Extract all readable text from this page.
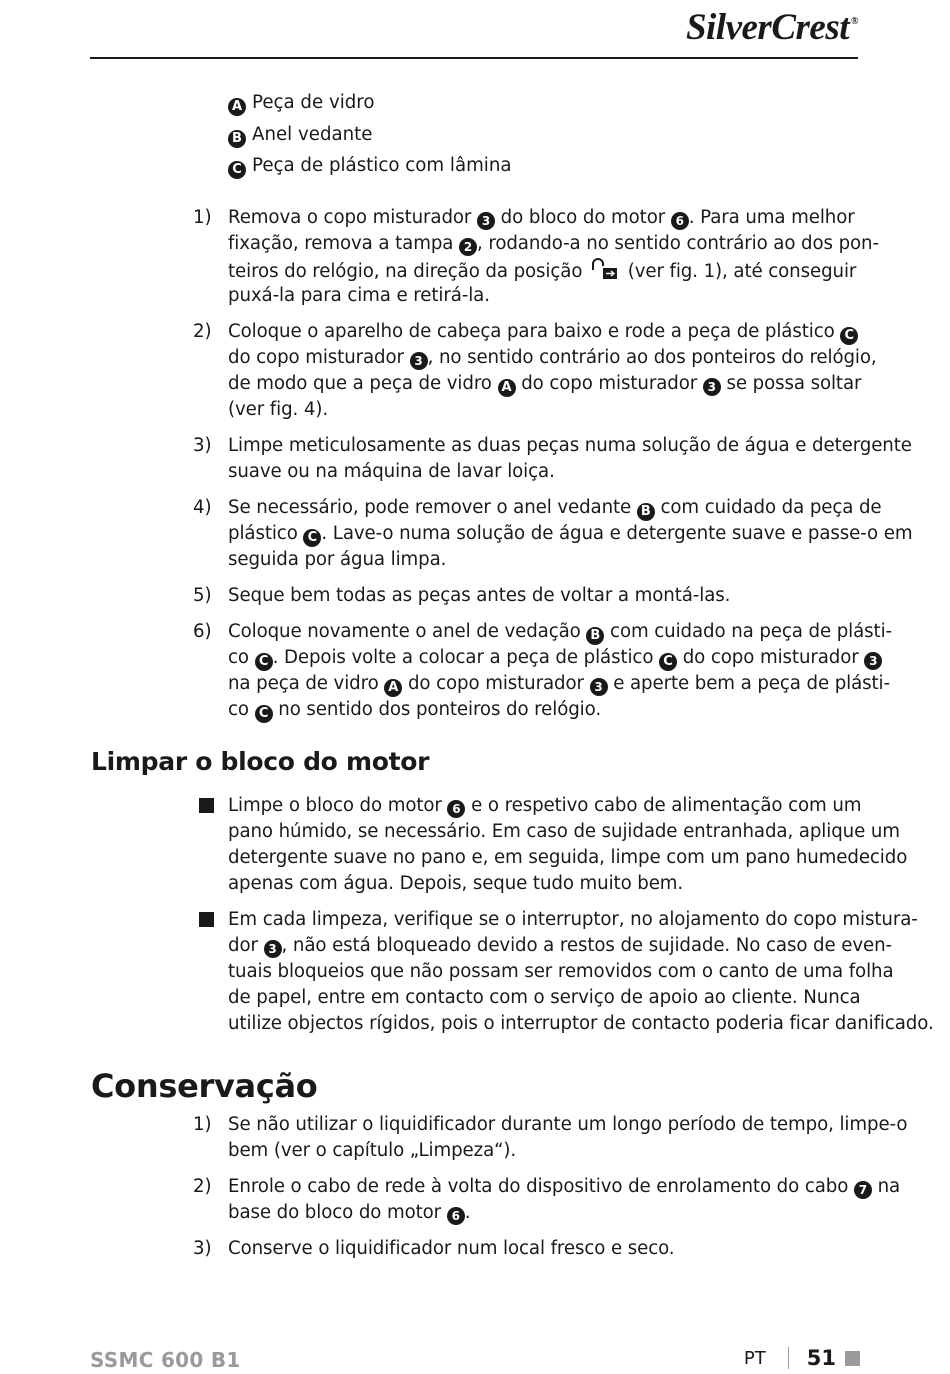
SilverCrest ®
A Peça de vidro
B Anel vedante
C Peça de plástico com lâmina
1) Remova o copo misturador 3 do bloco do motor 6 . Para uma melhor
fixação, remova a tampa 2 , rodando-a no sentido contrário ao dos pon-
teiros do relógio, na direção da posição  (ver fig. 1), até conseguir
puxá-la para cima e retirá-la.
2) Coloque o aparelho de cabeça para baixo e rode a peça de plástico C
do copo misturador 3 , no sentido contrário ao dos ponteiros do relógio,
de modo que a peça de vidro A do copo misturador 3 se possa soltar
(ver fig. 4).
3) Limpe meticulosamente as duas peças numa solução de água e detergente
suave ou na máquina de lavar loiça.
4) Se necessário, pode remover o anel vedante B com cuidado da peça de
plástico C . Lave-o numa solução de água e detergente suave e passe-o em
seguida por água limpa.
5) Seque bem todas as peças antes de voltar a montá-las.
6) Coloque novamente o anel de vedação B com cuidado na peça de plásti-
co C . Depois volte a colocar a peça de plástico C do copo misturador 3
na peça de vidro A do copo misturador 3 e aperte bem a peça de plásti-
co C no sentido dos ponteiros do relógio.
Limpar o bloco do motor
Limpe o bloco do motor 6 e o respetivo cabo de alimentação com um
pano húmido, se necessário. Em caso de sujidade entranhada, aplique um
detergente suave no pano e, em seguida, limpe com um pano humedecido
apenas com água. Depois, seque tudo muito bem.
Em cada limpeza, verifique se o interruptor, no alojamento do copo mistura-
dor 3 , não está bloqueado devido a restos de sujidade. No caso de even-
tuais bloqueios que não possam ser removidos com o canto de uma folha
de papel, entre em contacto com o serviço de apoio ao cliente. Nunca
utilize objectos rígidos, pois o interruptor de contacto poderia ficar danificado.
Conservação
1) Se não utilizar o liquidificador durante um longo período de tempo, limpe-o
bem (ver o capítulo „Limpeza“).
2) Enrole o cabo de rede à volta do dispositivo de enrolamento do cabo 7 na
base do bloco do motor 6 .
3) Conserve o liquidificador num local fresco e seco.
SSMC 600 B1	PT 51
